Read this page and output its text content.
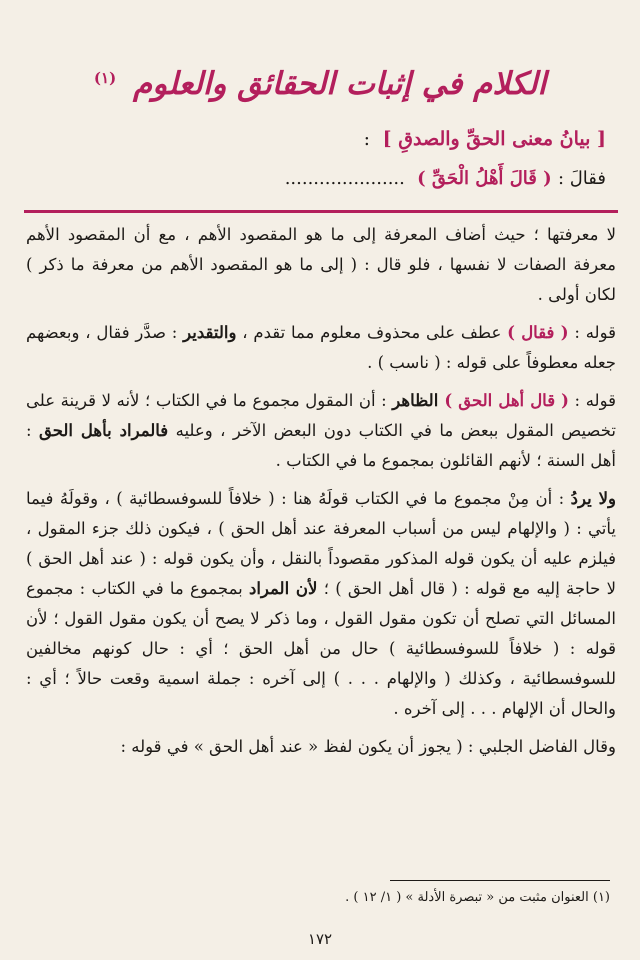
الكلام في إثبات الحقائق والعلوم $^{(١)}$
[ بيانُ معنى الحقِّ والصدقِ ] :
فقالَ : ( قَالَ أَهْلُ الْحَقِّ ) .....................

لا معرفتها ؛ حيث أضاف المعرفة إلى ما هو المقصود الأهم ، مع أن المقصود الأهم معرفة الصفات لا نفسها ، فلو قال : ( إلى ما هو المقصود الأهم من معرفة ما ذكر ) لكان أولى .

قوله : ( فقال ) عطف على محذوف معلوم مما تقدم ، والتقدير : صدَّر فقال ، وبعضهم جعله معطوفاً على قوله : ( ناسب ) .

قوله : ( قال أهل الحق ) الظاهر : أن المقول مجموع ما في الكتاب ؛ لأنه لا قرينة على تخصيص المقول ببعض ما في الكتاب دون البعض الآخر ، وعليه فالمراد بأهل الحق : أهل السنة ؛ لأنهم القائلون بمجموع ما في الكتاب .

ولا يردُ : أن مِنْ مجموع ما في الكتاب قولَهُ هنا : ( خلافاً للسوفسطائية ) ، وقولَهُ فيما يأتي : ( والإلهام ليس من أسباب المعرفة عند أهل الحق ) ، فيكون ذلك جزء المقول ، فيلزم عليه أن يكون قوله المذكور مقصوداً بالنقل ، وأن يكون قوله : ( عند أهل الحق ) لا حاجة إليه مع قوله : ( قال أهل الحق ) ؛ لأن المراد بمجموع ما في الكتاب : مجموع المسائل التي تصلح أن تكون مقول القول ، وما ذكر لا يصح أن يكون مقول القول ؛ لأن قوله : ( خلافاً للسوفسطائية ) حال من أهل الحق ؛ أي : حال كونهم مخالفين للسوفسطائية ، وكذلك ( والإلهام . . . ) إلى آخره : جملة اسمية وقعت حالاً ؛ أي : والحال أن الإلهام . . . إلى آخره .

وقال الفاضل الجلبي : ( يجوز أن يكون لفظ « عند أهل الحق » في قوله :

(١) العنوان مثبت من « تبصرة الأدلة » ( ١/ ١٢ ) .
١٧٢
